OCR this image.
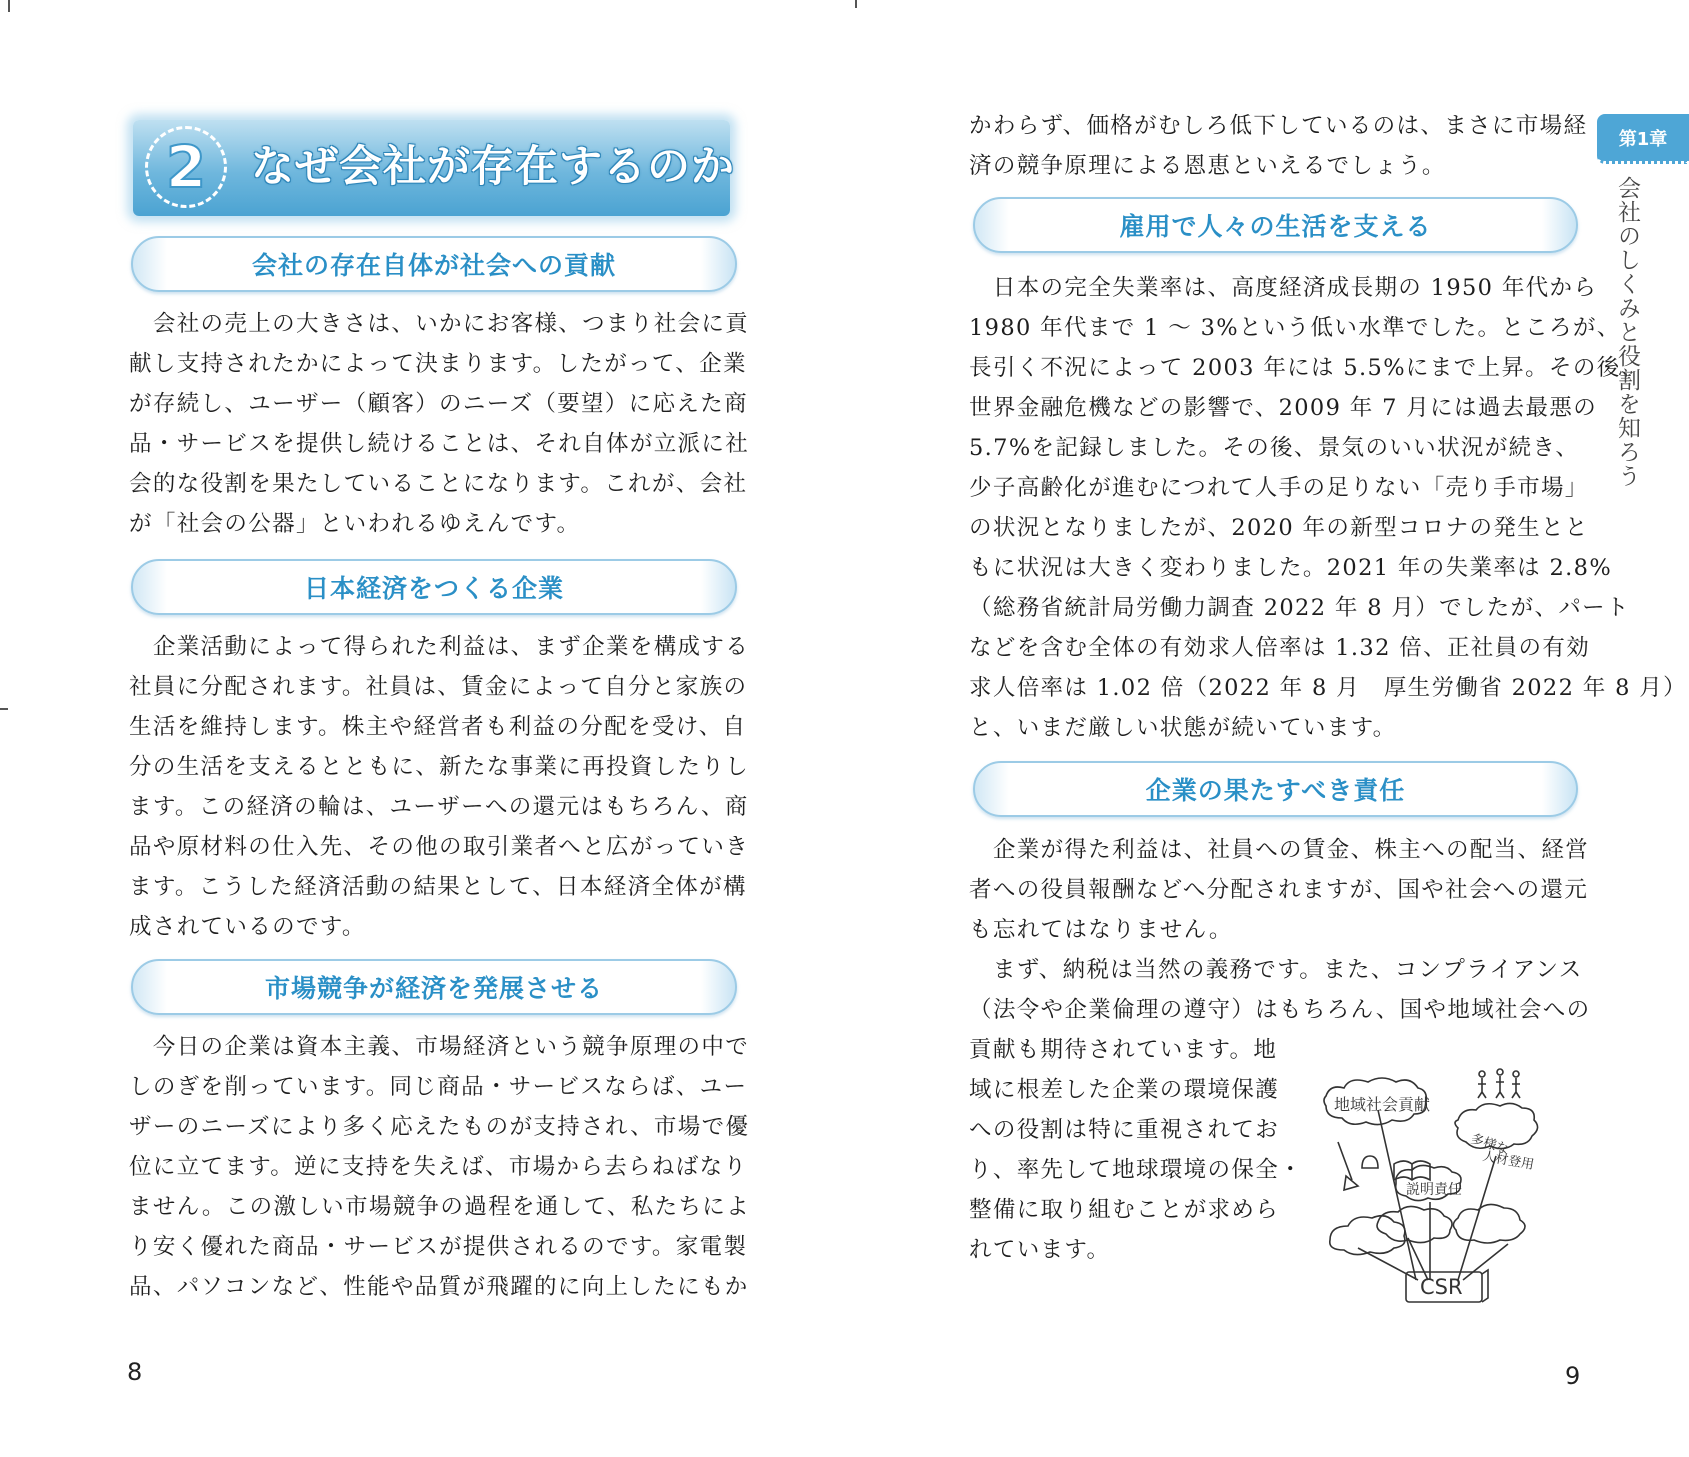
2 なぜ会社が存在するのか
会社の存在自体が社会への貢献
　会社の売上の大きさは、いかにお客様、つまり社会に貢
献し支持されたかによって決まります。したがって、企業
が存続し、ユーザー（顧客）のニーズ（要望）に応えた商
品・サービスを提供し続けることは、それ自体が立派に社
会的な役割を果たしていることになります。これが、会社
が「社会の公器」といわれるゆえんです。
日本経済をつくる企業
　企業活動によって得られた利益は、まず企業を構成する
社員に分配されます。社員は、賃金によって自分と家族の
生活を維持します。株主や経営者も利益の分配を受け、自
分の生活を支えるとともに、新たな事業に再投資したりし
ます。この経済の輪は、ユーザーへの還元はもちろん、商
品や原材料の仕入先、その他の取引業者へと広がっていき
ます。こうした経済活動の結果として、日本経済全体が構
成されているのです。
市場競争が経済を発展させる
　今日の企業は資本主義、市場経済という競争原理の中で
しのぎを削っています。同じ商品・サービスならば、ユー
ザーのニーズにより多く応えたものが支持され、市場で優
位に立てます。逆に支持を失えば、市場から去らねばなり
ません。この激しい市場競争の過程を通して、私たちによ
り安く優れた商品・サービスが提供されるのです。家電製
品、パソコンなど、性能や品質が飛躍的に向上したにもか
8
かわらず、価格がむしろ低下しているのは、まさに市場経
済の競争原理による恩恵といえるでしょう。
雇用で人々の生活を支える
　日本の完全失業率は、高度経済成長期の 1950 年代から
1980 年代まで 1 ～ 3%という低い水準でした。ところが、
長引く不況によって 2003 年には 5.5%にまで上昇。その後、
世界金融危機などの影響で、2009 年 7 月には過去最悪の
5.7%を記録しました。その後、景気のいい状況が続き、
少子高齢化が進むにつれて人手の足りない「売り手市場」
の状況となりましたが、2020 年の新型コロナの発生とと
もに状況は大きく変わりました。2021 年の失業率は 2.8%
（総務省統計局労働力調査 2022 年 8 月）でしたが、パート
などを含む全体の有効求人倍率は 1.32 倍、正社員の有効
求人倍率は 1.02 倍（2022 年 8 月　厚生労働省 2022 年 8 月）
と、いまだ厳しい状態が続いています。
企業の果たすべき責任
　企業が得た利益は、社員への賃金、株主への配当、経営
者への役員報酬などへ分配されますが、国や社会への還元
も忘れてはなりません。
　まず、納税は当然の義務です。また、コンプライアンス
（法令や企業倫理の遵守）はもちろん、国や地域社会への
貢献も期待されています。地
域に根差した企業の環境保護
への役割は特に重視されてお
り、率先して地球環境の保全・
整備に取り組むことが求めら
れています。
地域社会貢献
多様な
人材登用
説明責任
CSR
第1章
会社のしくみと役割を知ろう
9
